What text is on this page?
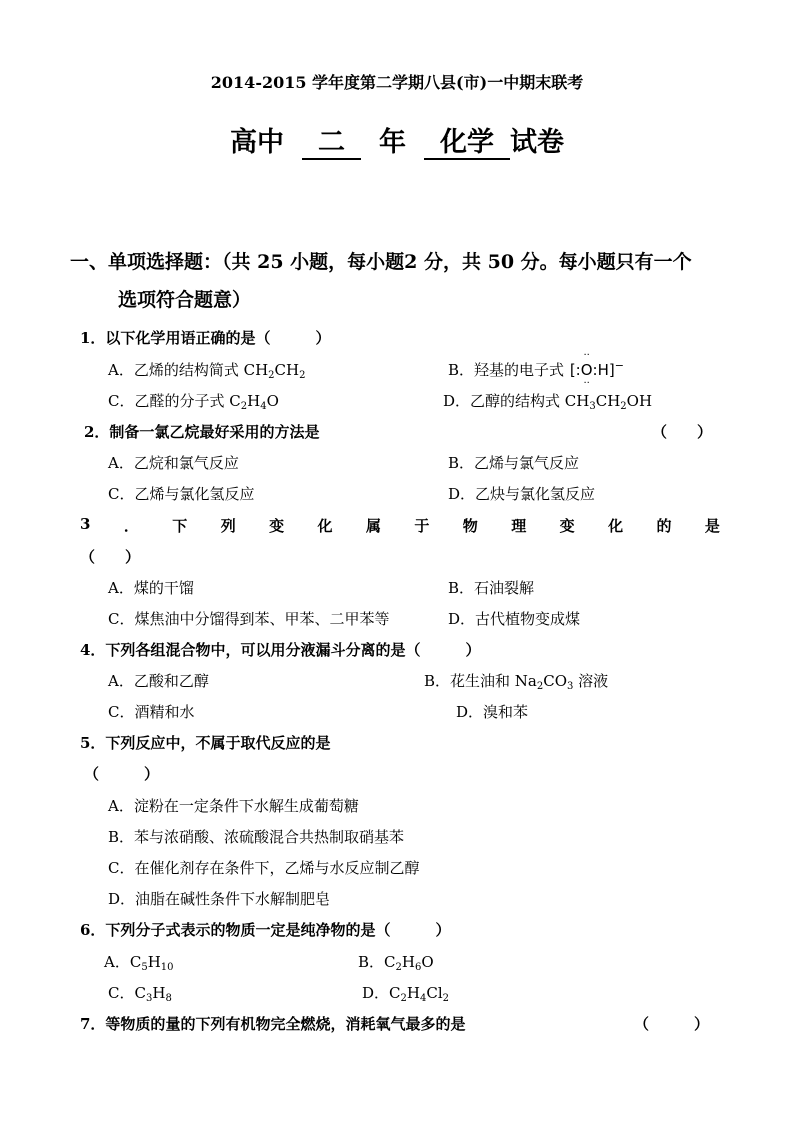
2014-2015 学年度第二学期八县(市)一中期末联考
高中 二 年 化学 试卷
一、单项选择题：（共 25 小题，每小题2 分，共 50 分。每小题只有一个
选项符合题意）
1．以下化学用语正确的是（　　　）
A．乙烯的结构简式 $CH_2CH_2$	B．羟基的电子式 [:O
··
··
:H]−
C．乙醛的分子式 $C_2H_4O$	D．乙醇的结构式 $CH_3CH_2OH$
2．制备一氯乙烷最好采用的方法是	（　　）
A．乙烷和氯气反应	B．乙烯与氯气反应
C．乙烯与氯化氢反应	D．乙炔与氯化氢反应
3 ． 下 列 变 化 属 于 物 理 变 化 的 是
（　　）
A．煤的干馏	B．石油裂解
C．煤焦油中分馏得到苯、甲苯、二甲苯等	D．古代植物变成煤
4．下列各组混合物中，可以用分液漏斗分离的是（　　　）
A．乙酸和乙醇	B．花生油和 $Na_2CO_3$ 溶液
C．酒精和水	D．溴和苯
5．下列反应中，不属于取代反应的是
（　　　）
A．淀粉在一定条件下水解生成葡萄糖
B．苯与浓硝酸、浓硫酸混合共热制取硝基苯
C．在催化剂存在条件下，乙烯与水反应制乙醇
D．油脂在碱性条件下水解制肥皂
6．下列分子式表示的物质一定是纯净物的是（　　　）
A．$C_5H_{10}$	B．$C_2H_6O$
C．$C_3H_8$	D．$C_2H_4Cl_2$
7．等物质的量的下列有机物完全燃烧，消耗氧气最多的是	（　　　）
